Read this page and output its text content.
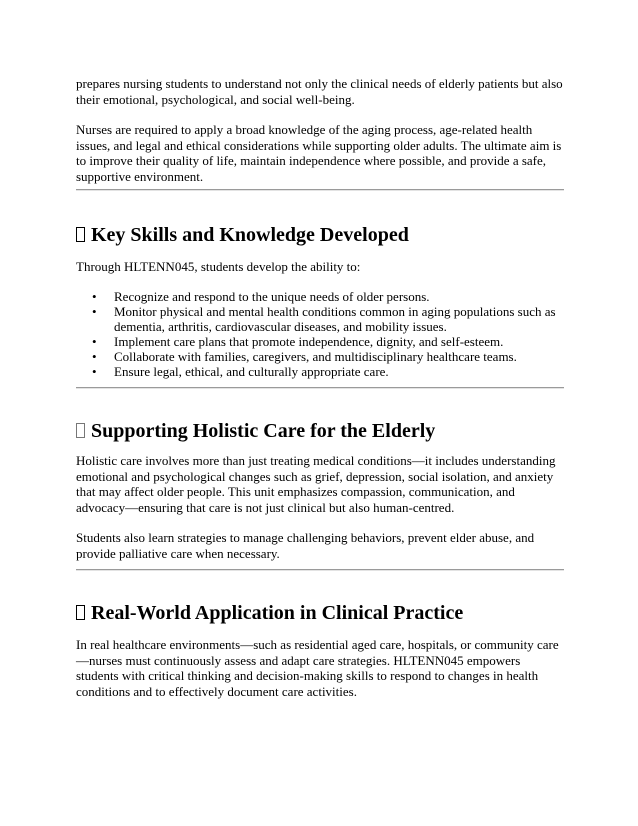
prepares nursing students to understand not only the clinical needs of elderly patients but also their emotional, psychological, and social well-being.

Nurses are required to apply a broad knowledge of the aging process, age-related health issues, and legal and ethical considerations while supporting older adults. The ultimate aim is to improve their quality of life, maintain independence where possible, and provide a safe, supportive environment.

Key Skills and Knowledge Developed

Through HLTENN045, students develop the ability to:

• Recognize and respond to the unique needs of older persons.
• Monitor physical and mental health conditions common in aging populations such as dementia, arthritis, cardiovascular diseases, and mobility issues.
• Implement care plans that promote independence, dignity, and self-esteem.
• Collaborate with families, caregivers, and multidisciplinary healthcare teams.
• Ensure legal, ethical, and culturally appropriate care.
Supporting Holistic Care for the Elderly

Holistic care involves more than just treating medical conditions—it includes understanding emotional and psychological changes such as grief, depression, social isolation, and anxiety that may affect older people. This unit emphasizes compassion, communication, and advocacy—ensuring that care is not just clinical but also human-centred.

Students also learn strategies to manage challenging behaviors, prevent elder abuse, and provide palliative care when necessary.

Real-World Application in Clinical Practice

In real healthcare environments—such as residential aged care, hospitals, or community care—nurses must continuously assess and adapt care strategies. HLTENN045 empowers students with critical thinking and decision-making skills to respond to changes in health conditions and to effectively document care activities.
